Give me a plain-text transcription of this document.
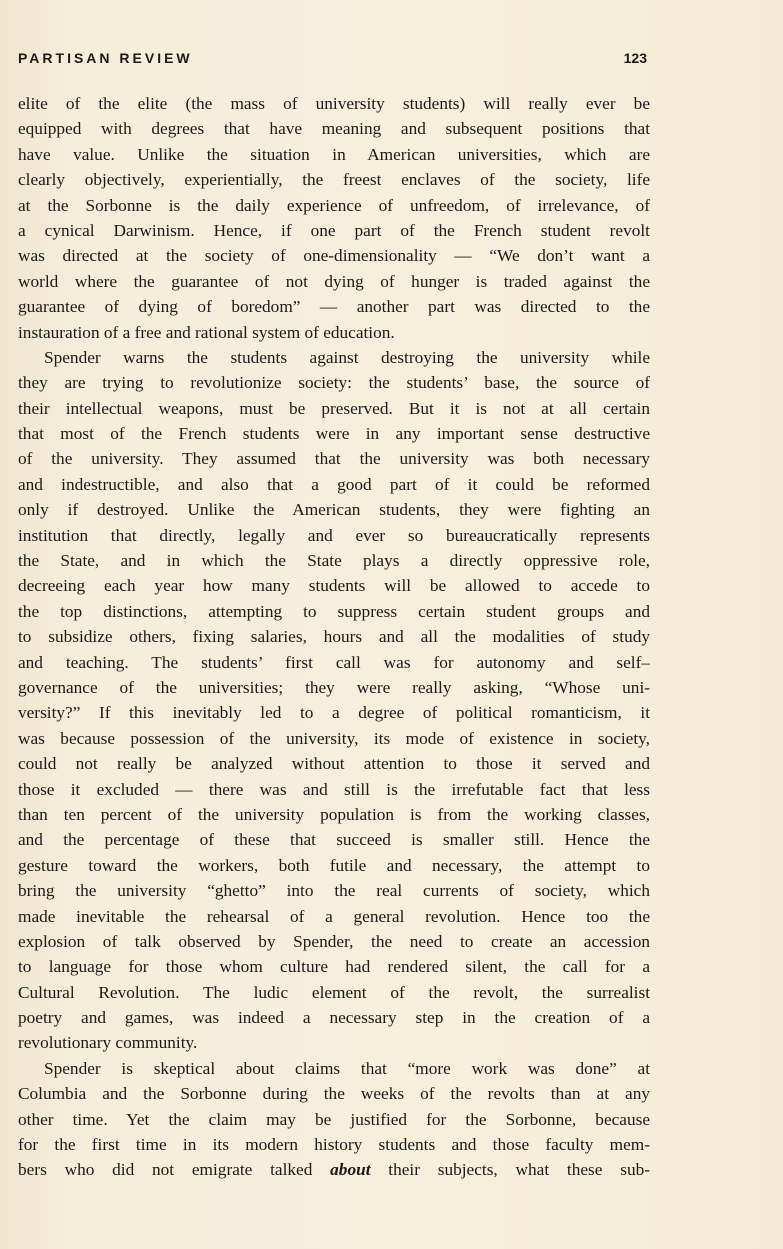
PARTISAN REVIEW	123
elite of the elite (the mass of university students) will really ever be
equipped with degrees that have meaning and subsequent positions that
have value. Unlike the situation in American universities, which are
clearly objectively, experientially, the freest enclaves of the society, life
at the Sorbonne is the daily experience of unfreedom, of irrelevance, of
a cynical Darwinism. Hence, if one part of the French student revolt
was directed at the society of one-dimensionality — “We don’t want a
world where the guarantee of not dying of hunger is traded against the
guarantee of dying of boredom” — another part was directed to the
instauration of a free and rational system of education.
Spender warns the students against destroying the university while
they are trying to revolutionize society: the students’ base, the source of
their intellectual weapons, must be preserved. But it is not at all certain
that most of the French students were in any important sense destructive
of the university. They assumed that the university was both necessary
and indestructible, and also that a good part of it could be reformed
only if destroyed. Unlike the American students, they were fighting an
institution that directly, legally and ever so bureaucratically represents
the State, and in which the State plays a directly oppressive role,
decreeing each year how many students will be allowed to accede to
the top distinctions, attempting to suppress certain student groups and
to subsidize others, fixing salaries, hours and all the modalities of study
and teaching. The students’ first call was for autonomy and self–
governance of the universities; they were really asking, “Whose uni-
versity?” If this inevitably led to a degree of political romanticism, it
was because possession of the university, its mode of existence in society,
could not really be analyzed without attention to those it served and
those it excluded — there was and still is the irrefutable fact that less
than ten percent of the university population is from the working classes,
and the percentage of these that succeed is smaller still. Hence the
gesture toward the workers, both futile and necessary, the attempt to
bring the university “ghetto” into the real currents of society, which
made inevitable the rehearsal of a general revolution. Hence too the
explosion of talk observed by Spender, the need to create an accession
to language for those whom culture had rendered silent, the call for a
Cultural Revolution. The ludic element of the revolt, the surrealist
poetry and games, was indeed a necessary step in the creation of a
revolutionary community.
Spender is skeptical about claims that “more work was done” at
Columbia and the Sorbonne during the weeks of the revolts than at any
other time. Yet the claim may be justified for the Sorbonne, because
for the first time in its modern history students and those faculty mem-
bers who did not emigrate talked about their subjects, what these sub-
